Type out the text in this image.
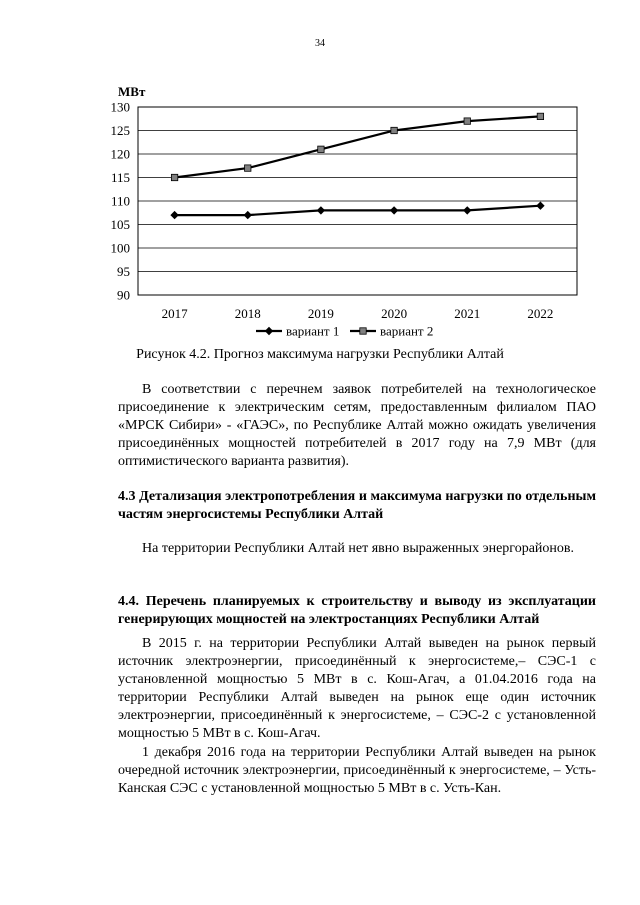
34
МВт
90
95
100
105
110
115
120
125
130
2017	2018	2019	2020	2021	2022
вариант 1	вариант 2
Рисунок 4.2. Прогноз максимума нагрузки Республики Алтай

В соответствии с перечнем заявок потребителей на технологическое присоединение к электрическим сетям, предоставленным филиалом ПАО «МРСК Сибири» - «ГАЭС», по Республике Алтай можно ожидать увеличения присоединённых мощностей потребителей в 2017 году на 7,9 МВт (для оптимистического варианта развития).

4.3 Детализация электропотребления и максимума нагрузки по отдельным частям энергосистемы Республики Алтай

На территории Республики Алтай нет явно выраженных энергорайонов.

4.4. Перечень планируемых к строительству и выводу из эксплуатации генерирующих мощностей на электростанциях Республики Алтай

В 2015 г. на территории Республики Алтай выведен на рынок первый источник электроэнергии, присоединённый к энергосистеме,– СЭС-1 с установленной мощностью 5 МВт в с. Кош-Агач, а 01.04.2016 года на территории Республики Алтай выведен на рынок еще один источник электроэнергии, присоединённый к энергосистеме, – СЭС-2 с установленной мощностью 5 МВт в с. Кош-Агач.

1 декабря 2016 года на территории Республики Алтай выведен на рынок очередной источник электроэнергии, присоединённый к энергосистеме, – Усть-Канская СЭС с установленной мощностью 5 МВт в с. Усть-Кан.
